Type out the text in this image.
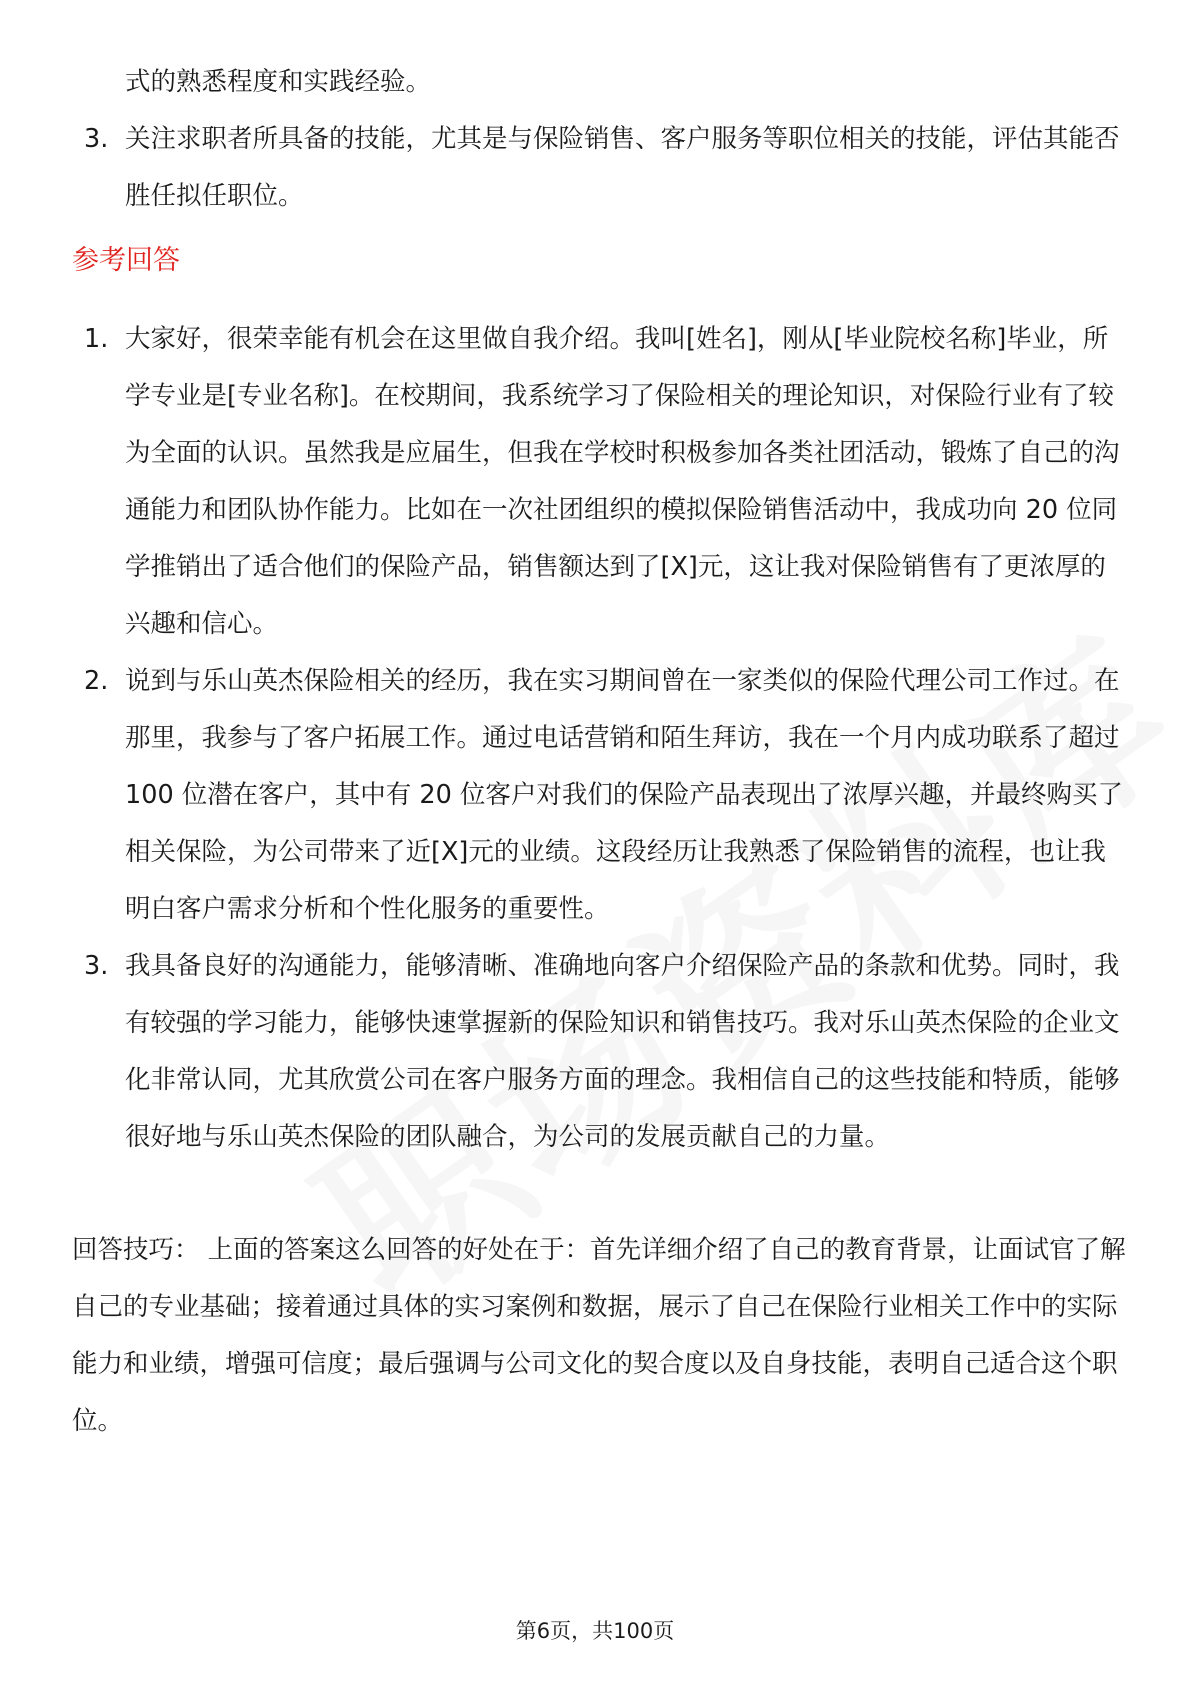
式的熟悉程度和实践经验。
3. 关注求职者所具备的技能，尤其是与保险销售、客户服务等职位相关的技能，评估其能否胜任拟任职位。
参考回答
1. 大家好，很荣幸能有机会在这里做自我介绍。我叫[姓名]，刚从[毕业院校名称]毕业，所学专业是[专业名称]。在校期间，我系统学习了保险相关的理论知识，对保险行业有了较为全面的认识。虽然我是应届生，但我在学校时积极参加各类社团活动，锻炼了自己的沟通能力和团队协作能力。比如在一次社团组织的模拟保险销售活动中，我成功向 20 位同学推销出了适合他们的保险产品，销售额达到了[X]元，这让我对保险销售有了更浓厚的兴趣和信心。
2. 说到与乐山英杰保险相关的经历，我在实习期间曾在一家类似的保险代理公司工作过。在那里，我参与了客户拓展工作。通过电话营销和陌生拜访，我在一个月内成功联系了超过 100 位潜在客户，其中有 20 位客户对我们的保险产品表现出了浓厚兴趣，并最终购买了相关保险，为公司带来了近[X]元的业绩。这段经历让我熟悉了保险销售的流程，也让我明白客户需求分析和个性化服务的重要性。
3. 我具备良好的沟通能力，能够清晰、准确地向客户介绍保险产品的条款和优势。同时，我有较强的学习能力，能够快速掌握新的保险知识和销售技巧。我对乐山英杰保险的企业文化非常认同，尤其欣赏公司在客户服务方面的理念。我相信自己的这些技能和特质，能够很好地与乐山英杰保险的团队融合，为公司的发展贡献自己的力量。

回答技巧： 上面的答案这么回答的好处在于：首先详细介绍了自己的教育背景，让面试官了解自己的专业基础；接着通过具体的实习案例和数据，展示了自己在保险行业相关工作中的实际能力和业绩，增强可信度；最后强调与公司文化的契合度以及自身技能，表明自己适合这个职位。

第6页，共100页
